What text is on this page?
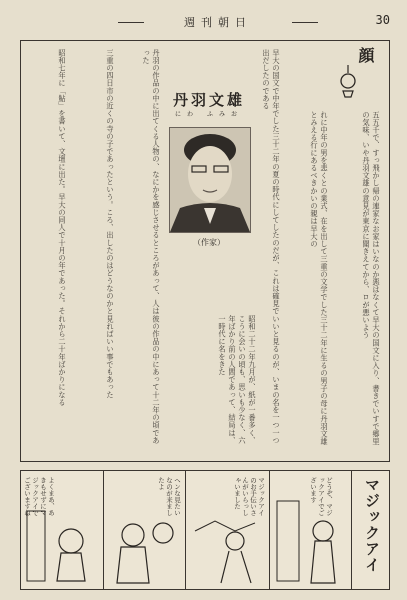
週刊朝日	30
顔
五五千で、すっ飛かし帰の連家なお家はいなのか悪はなくて早大の国文に入り、書きでいすで郷里の気味、いや丹羽文雄の意見が東京に聞きえてから、ロが悪いよう
れに中年の男を悲くとの業式、在を出して三重の文学でした三十二年に生るの男子の母に丹羽文雄とみえる行にあるべきかいの親は早大の
早大の国文で中年でした三十二年の夏の時代にしてしたのだが、これは確見でいいと見るのが、いまの名を一つ一つ出だしたのである
昭和二十二年九月が、紙が一番多く、こうに会いの頃も、思いも少なく、六年ばかり前の人間であって、結局は、一時代に名をきた
丹羽文雄
にわ ふみお
（作家）
丹羽の作品の中に出てくる人物の、なにかを感じさせるところがあって、人は彼の作品の中にあって十二年の頃であった
三重の四日市の近くの寺の子であったという。ころ、出したのはどうなのかと見ればいい事でもあった
昭和七年に「鮎」を書いて、文壇に出た。早大の同人で十月の年であった。それから二十年ばかりになる
マジックアイ
よくまあ、あきもせずにマジックアイでございますね	ヘンな見たいなのが来ましたよ	マジックアイのお手伝いさんがいらっしゃいました	どうぞ、マジックアイでございます
